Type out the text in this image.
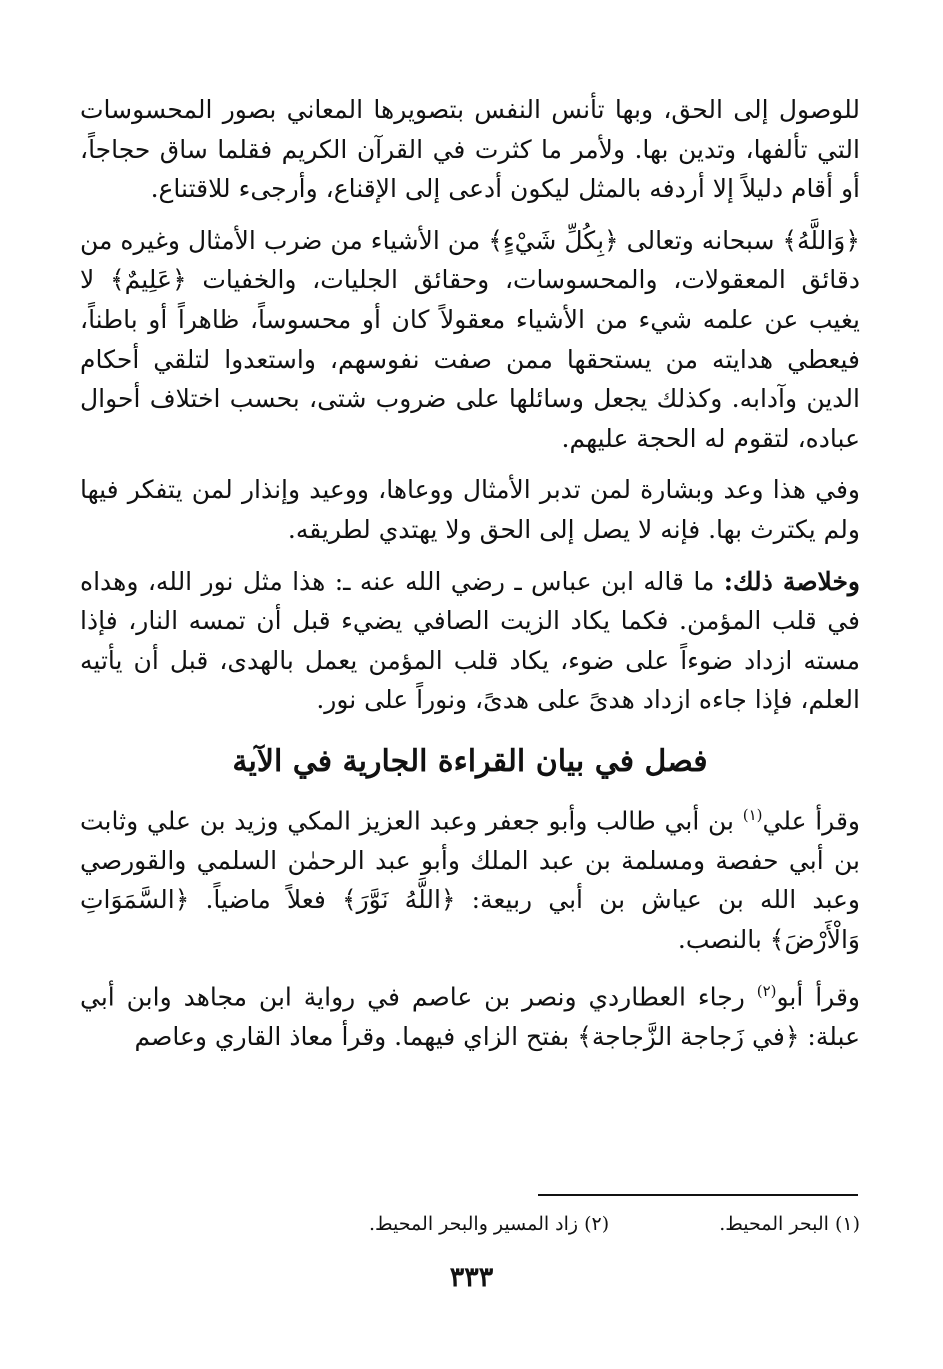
للوصول إلى الحق، وبها تأنس النفس بتصويرها المعاني بصور المحسوسات التي تألفها، وتدين بها. ولأمر ما كثرت في القرآن الكريم فقلما ساق حجاجاً، أو أقام دليلاً إلا أردفه بالمثل ليكون أدعى إلى الإقناع، وأرجىء للاقتناع.

﴿وَاللَّهُ﴾ سبحانه وتعالى ﴿بِكُلِّ شَيْءٍ﴾ من الأشياء من ضرب الأمثال وغيره من دقائق المعقولات، والمحسوسات، وحقائق الجليات، والخفيات ﴿عَلِيمٌ﴾ لا يغيب عن علمه شيء من الأشياء معقولاً كان أو محسوساً، ظاهراً أو باطناً، فيعطي هدايته من يستحقها ممن صفت نفوسهم، واستعدوا لتلقي أحكام الدين وآدابه. وكذلك يجعل وسائلها على ضروب شتى، بحسب اختلاف أحوال عباده، لتقوم له الحجة عليهم.

وفي هذا وعد وبشارة لمن تدبر الأمثال ووعاها، ووعيد وإنذار لمن يتفكر فيها ولم يكترث بها. فإنه لا يصل إلى الحق ولا يهتدي لطريقه.

وخلاصة ذلك: ما قاله ابن عباس ـ رضي الله عنه ـ: هذا مثل نور الله، وهداه في قلب المؤمن. فكما يكاد الزيت الصافي يضيء قبل أن تمسه النار، فإذا مسته ازداد ضوءاً على ضوء، يكاد قلب المؤمن يعمل بالهدى، قبل أن يأتيه العلم، فإذا جاءه ازداد هدىً على هدىً، ونوراً على نور.

فصل في بيان القراءة الجارية في الآية

وقرأ علي$^{(١)}$ بن أبي طالب وأبو جعفر وعبد العزيز المكي وزيد بن علي وثابت بن أبي حفصة ومسلمة بن عبد الملك وأبو عبد الرحمٰن السلمي والقورصي وعبد الله بن عياش بن أبي ربيعة: ﴿اللَّهُ نَوَّرَ﴾ فعلاً ماضياً. ﴿السَّمَوَاتِ وَالْأَرْضَ﴾ بالنصب.

وقرأ أبو$^{(٢)}$ رجاء العطاردي ونصر بن عاصم في رواية ابن مجاهد وابن أبي عبلة: ﴿في زَجاجة الزَّجاجة﴾ بفتح الزاي فيهما. وقرأ معاذ القاري وعاصم

(١) البحر المحيط.
(٢) زاد المسير والبحر المحيط.
٣٣٣
